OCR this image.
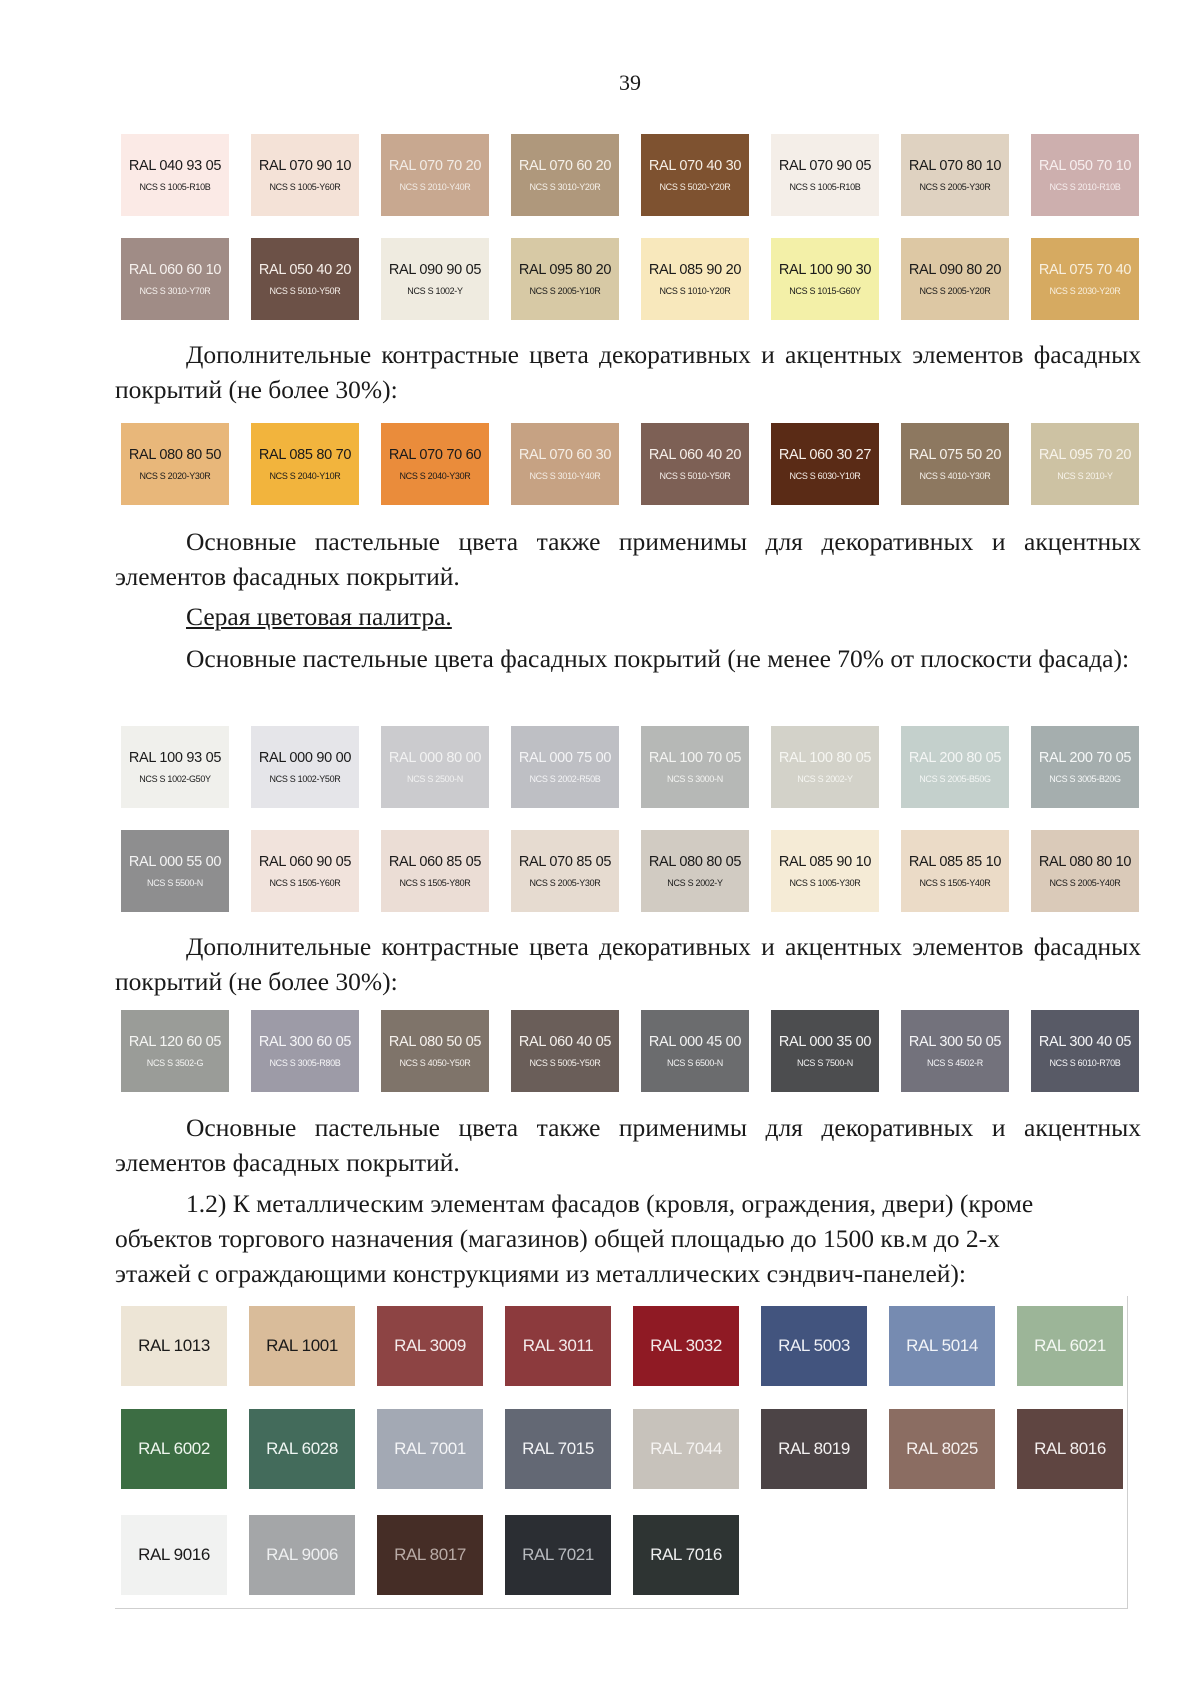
39
RAL 040 93 05
NCS S 1005-R10B
RAL 070 90 10
NCS S 1005-Y60R
RAL 070 70 20
NCS S 2010-Y40R
RAL 070 60 20
NCS S 3010-Y20R
RAL 070 40 30
NCS S 5020-Y20R
RAL 070 90 05
NCS S 1005-R10B
RAL 070 80 10
NCS S 2005-Y30R
RAL 050 70 10
NCS S 2010-R10B
RAL 060 60 10
NCS S 3010-Y70R
RAL 050 40 20
NCS S 5010-Y50R
RAL 090 90 05
NCS S 1002-Y
RAL 095 80 20
NCS S 2005-Y10R
RAL 085 90 20
NCS S 1010-Y20R
RAL 100 90 30
NCS S 1015-G60Y
RAL 090 80 20
NCS S 2005-Y20R
RAL 075 70 40
NCS S 2030-Y20R

Дополнительные контрастные цвета декоративных и акцентных элементов фасадных покрытий (не более 30%):

RAL 080 80 50
NCS S 2020-Y30R
RAL 085 80 70
NCS S 2040-Y10R
RAL 070 70 60
NCS S 2040-Y30R
RAL 070 60 30
NCS S 3010-Y40R
RAL 060 40 20
NCS S 5010-Y50R
RAL 060 30 27
NCS S 6030-Y10R
RAL 075 50 20
NCS S 4010-Y30R
RAL 095 70 20
NCS S 2010-Y

Основные пастельные цвета также применимы для декоративных и акцентных элементов фасадных покрытий.

Серая цветовая палитра.

Основные пастельные цвета фасадных покрытий (не менее 70% от плоскости фасада):

RAL 100 93 05
NCS S 1002-G50Y
RAL 000 90 00
NCS S 1002-Y50R
RAL 000 80 00
NCS S 2500-N
RAL 000 75 00
NCS S 2002-R50B
RAL 100 70 05
NCS S 3000-N
RAL 100 80 05
NCS S 2002-Y
RAL 200 80 05
NCS S 2005-B50G
RAL 200 70 05
NCS S 3005-B20G
RAL 000 55 00
NCS S 5500-N
RAL 060 90 05
NCS S 1505-Y60R
RAL 060 85 05
NCS S 1505-Y80R
RAL 070 85 05
NCS S 2005-Y30R
RAL 080 80 05
NCS S 2002-Y
RAL 085 90 10
NCS S 1005-Y30R
RAL 085 85 10
NCS S 1505-Y40R
RAL 080 80 10
NCS S 2005-Y40R

Дополнительные контрастные цвета декоративных и акцентных элементов фасадных покрытий (не более 30%):

RAL 120 60 05
NCS S 3502-G
RAL 300 60 05
NCS S 3005-R80B
RAL 080 50 05
NCS S 4050-Y50R
RAL 060 40 05
NCS S 5005-Y50R
RAL 000 45 00
NCS S 6500-N
RAL 000 35 00
NCS S 7500-N
RAL 300 50 05
NCS S 4502-R
RAL 300 40 05
NCS S 6010-R70B

Основные пастельные цвета также применимы для декоративных и акцентных элементов фасадных покрытий.

1.2) К металлическим элементам фасадов (кровля, ограждения, двери) (кроме
объектов торгового назначения (магазинов) общей площадью до 1500 кв.м до 2-х
этажей с ограждающими конструкциями из металлических сэндвич-панелей):
RAL 1013	RAL 1001	RAL 3009	RAL 3011	RAL 3032	RAL 5003	RAL 5014	RAL 6021
RAL 6002	RAL 6028	RAL 7001	RAL 7015	RAL 7044	RAL 8019	RAL 8025	RAL 8016
RAL 9016	RAL 9006	RAL 8017	RAL 7021	RAL 7016
